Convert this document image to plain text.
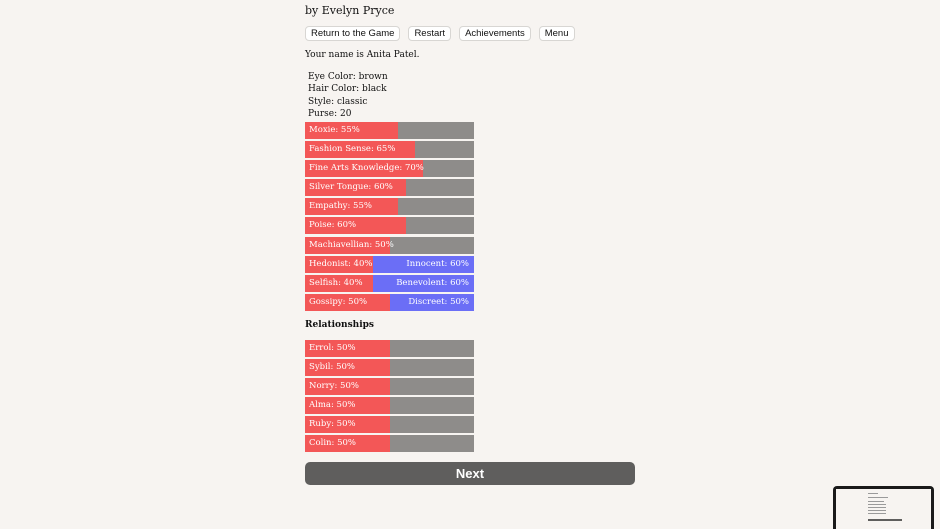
by Evelyn Pryce
Return to the Game	Restart	Achievements	Menu
Your name is Anita Patel.
Eye Color: brown
Hair Color: black
Style: classic
Purse: 20
Moxie: 55%
Fashion Sense: 65%
Fine Arts Knowledge: 70%
Silver Tongue: 60%
Empathy: 55%
Poise: 60%
Machiavellian: 50%
Hedonist: 40%	Innocent: 60%
Selfish: 40%	Benevolent: 60%
Gossipy: 50%	Discreet: 50%
Relationships
Errol: 50%
Sybil: 50%
Norry: 50%
Alma: 50%
Ruby: 50%
Colin: 50%
Next
